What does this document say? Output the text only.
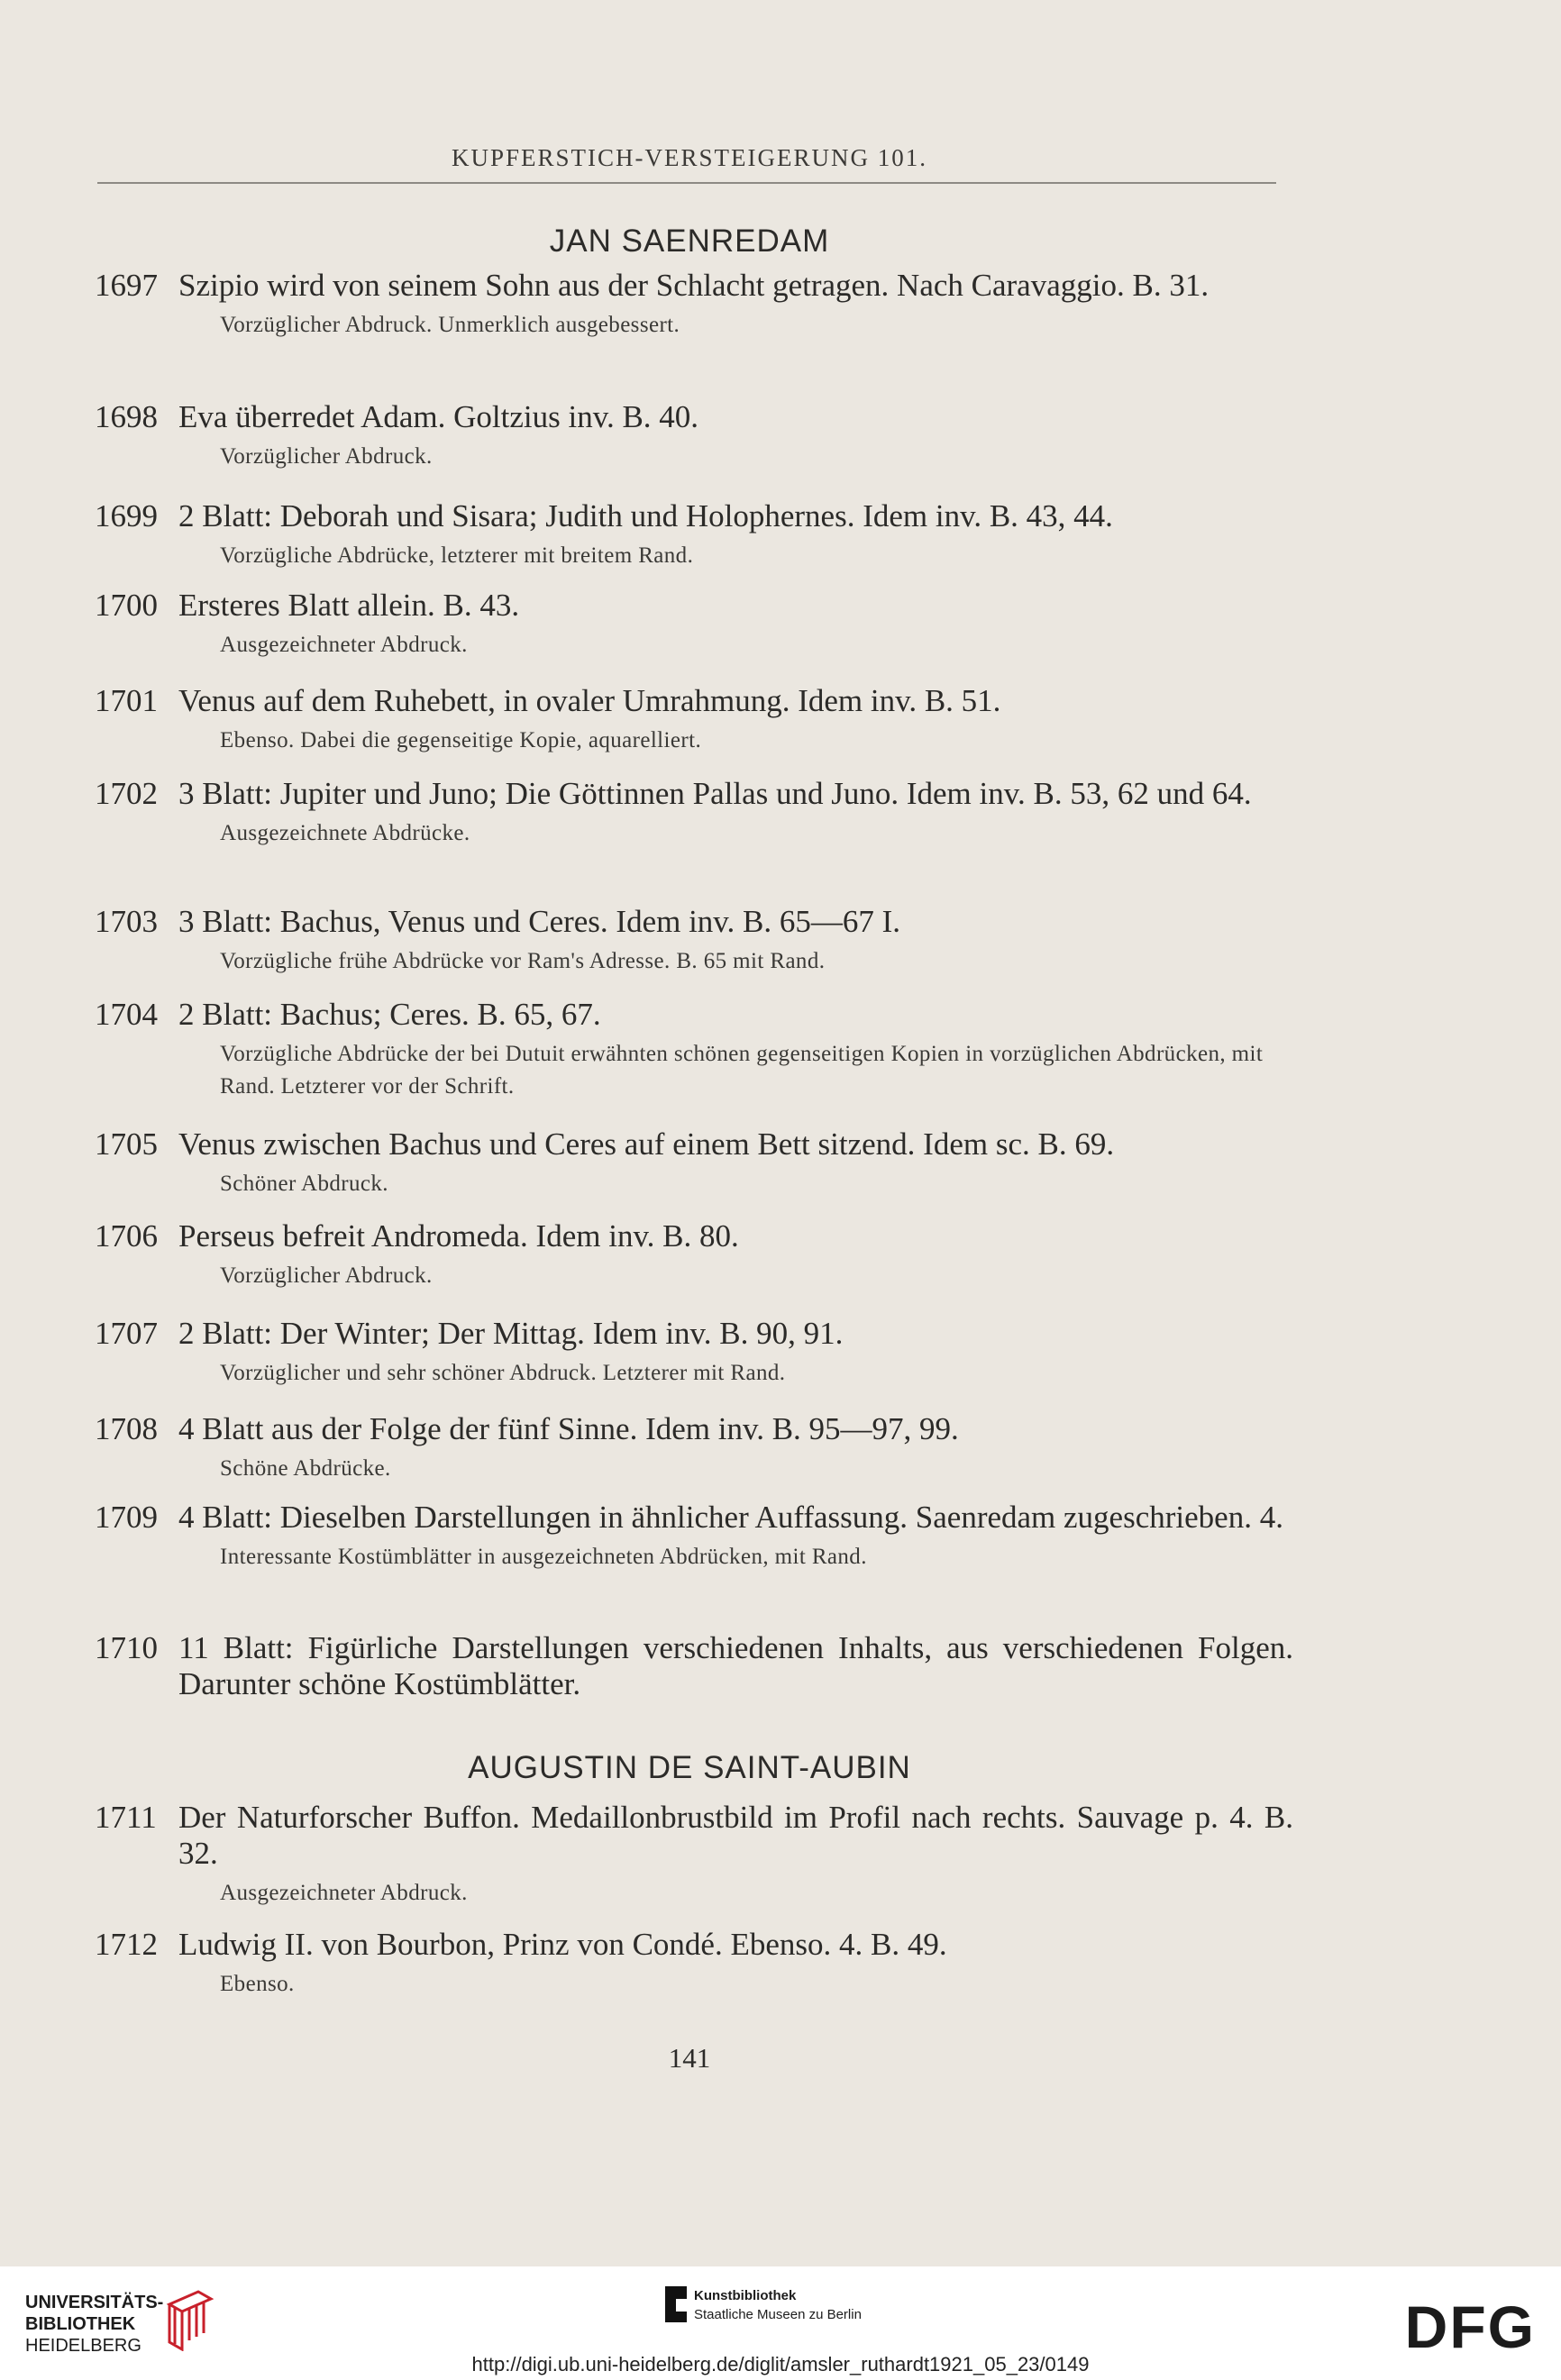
KUPFERSTICH-VERSTEIGERUNG 101.
JAN SAENREDAM
1697 Szipio wird von seinem Sohn aus der Schlacht getragen. Nach Caravaggio. B. 31.
Vorzüglicher Abdruck. Unmerklich ausgebessert.
1698 Eva überredet Adam. Goltzius inv. B. 40.
Vorzüglicher Abdruck.
1699 2 Blatt: Deborah und Sisara; Judith und Holophernes. Idem inv. B. 43, 44.
Vorzügliche Abdrücke, letzterer mit breitem Rand.
1700 Ersteres Blatt allein. B. 43.
Ausgezeichneter Abdruck.
1701 Venus auf dem Ruhebett, in ovaler Umrahmung. Idem inv. B. 51.
Ebenso. Dabei die gegenseitige Kopie, aquarelliert.
1702 3 Blatt: Jupiter und Juno; Die Göttinnen Pallas und Juno. Idem inv. B. 53, 62 und 64.
Ausgezeichnete Abdrücke.
1703 3 Blatt: Bachus, Venus und Ceres. Idem inv. B. 65—67 I.
Vorzügliche frühe Abdrücke vor Ram's Adresse. B. 65 mit Rand.
1704 2 Blatt: Bachus; Ceres. B. 65, 67.
Vorzügliche Abdrücke der bei Dutuit erwähnten schönen gegenseitigen Kopien in vorzüglichen Abdrücken, mit Rand. Letzterer vor der Schrift.
1705 Venus zwischen Bachus und Ceres auf einem Bett sitzend. Idem sc. B. 69.
Schöner Abdruck.
1706 Perseus befreit Andromeda. Idem inv. B. 80.
Vorzüglicher Abdruck.
1707 2 Blatt: Der Winter; Der Mittag. Idem inv. B. 90, 91.
Vorzüglicher und sehr schöner Abdruck. Letzterer mit Rand.
1708 4 Blatt aus der Folge der fünf Sinne. Idem inv. B. 95—97, 99.
Schöne Abdrücke.
1709 4 Blatt: Dieselben Darstellungen in ähnlicher Auffassung. Saenredam zugeschrieben. 4.
Interessante Kostümblätter in ausgezeichneten Abdrücken, mit Rand.
1710 11 Blatt: Figürliche Darstellungen verschiedenen Inhalts, aus verschiedenen Folgen. Darunter schöne Kostümblätter.
AUGUSTIN DE SAINT-AUBIN
1711 Der Naturforscher Buffon. Medaillonbrustbild im Profil nach rechts. Sauvage p. 4. B. 32.
Ausgezeichneter Abdruck.
1712 Ludwig II. von Bourbon, Prinz von Condé. Ebenso. 4. B. 49.
Ebenso.
141
UNIVERSITÄTS-
BIBLIOTHEK
HEIDELBERG
Kunstbibliothek
Staatliche Museen zu Berlin	DFG
http://digi.ub.uni-heidelberg.de/diglit/amsler_ruthardt1921_05_23/0149
